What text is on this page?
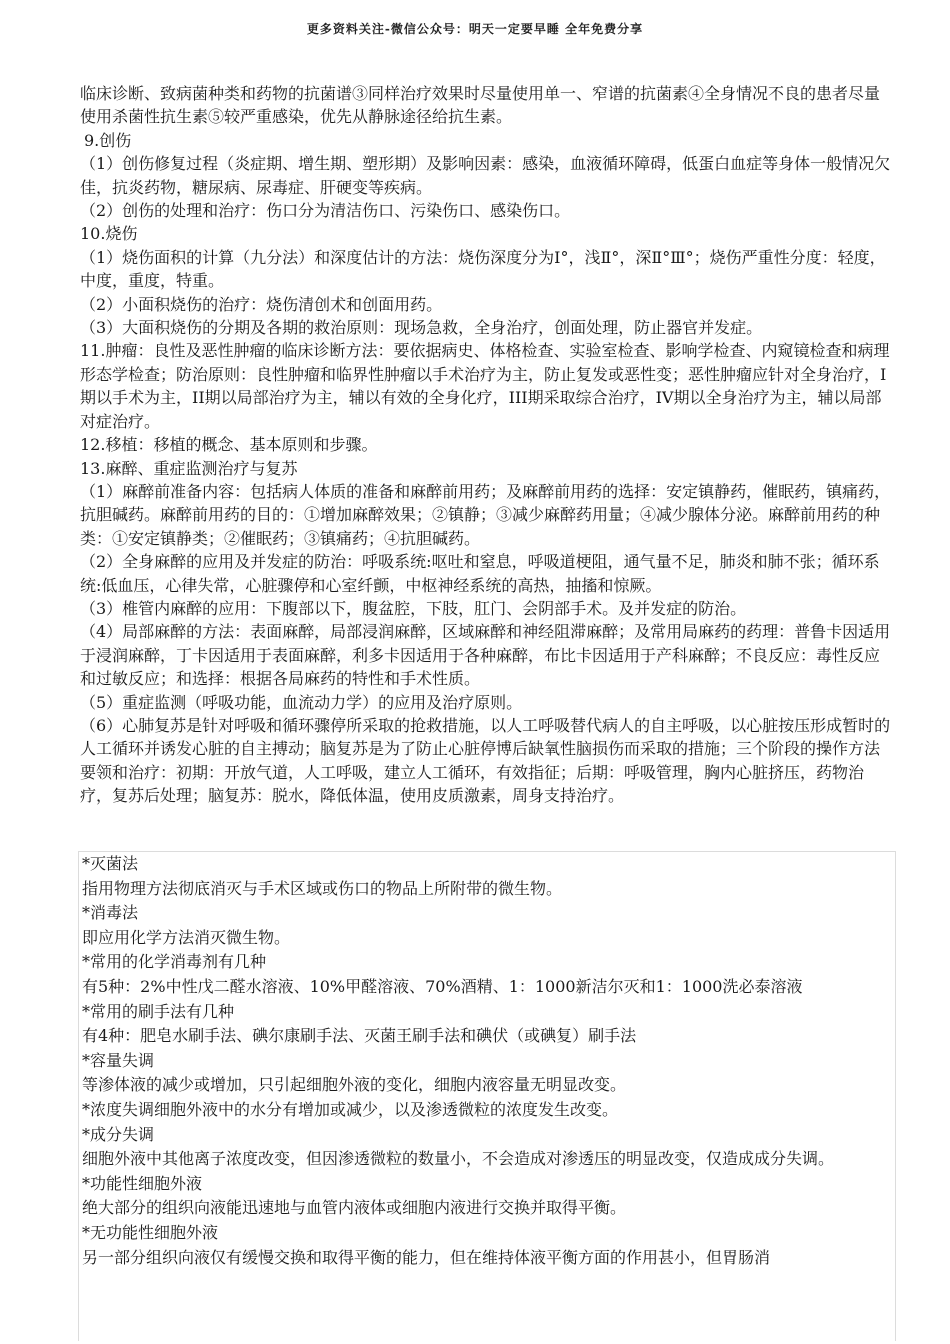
更多资料关注-微信公众号：明天一定要早睡 全年免费分享

临床诊断、致病菌种类和药物的抗菌谱③同样治疗效果时尽量使用单一、窄谱的抗菌素④全身情况不良的患者尽量使用杀菌性抗生素⑤较严重感染，优先从静脉途径给抗生素。

9.创伤

（1）创伤修复过程（炎症期、增生期、塑形期）及影响因素：感染，血液循环障碍，低蛋白血症等身体一般情况欠佳，抗炎药物，糖尿病、尿毒症、肝硬变等疾病。

（2）创伤的处理和治疗：伤口分为清洁伤口、污染伤口、感染伤口。

10.烧伤

（1）烧伤面积的计算（九分法）和深度估计的方法：烧伤深度分为Ⅰ°，浅Ⅱ°，深Ⅱ°Ⅲ°；烧伤严重性分度：轻度，中度，重度，特重。

（2）小面积烧伤的治疗：烧伤清创术和创面用药。

（3）大面积烧伤的分期及各期的救治原则：现场急救，全身治疗，创面处理，防止器官并发症。

11.肿瘤：良性及恶性肿瘤的临床诊断方法：要依据病史、体格检查、实验室检查、影响学检查、内窥镜检查和病理形态学检查；防治原则：良性肿瘤和临界性肿瘤以手术治疗为主，防止复发或恶性变；恶性肿瘤应针对全身治疗，I期以手术为主，II期以局部治疗为主，辅以有效的全身化疗，III期采取综合治疗，IV期以全身治疗为主，辅以局部对症治疗。

12.移植：移植的概念、基本原则和步骤。

13.麻醉、重症监测治疗与复苏

（1）麻醉前准备内容：包括病人体质的准备和麻醉前用药；及麻醉前用药的选择：安定镇静药，催眠药，镇痛药，抗胆碱药。麻醉前用药的目的：①增加麻醉效果；②镇静；③减少麻醉药用量；④减少腺体分泌。麻醉前用药的种类：①安定镇静类；②催眠药；③镇痛药；④抗胆碱药。

（2）全身麻醉的应用及并发症的防治：呼吸系统:呕吐和窒息，呼吸道梗阻，通气量不足，肺炎和肺不张；循环系统:低血压，心律失常，心脏骤停和心室纤颤，中枢神经系统的高热，抽搐和惊厥。

（3）椎管内麻醉的应用：下腹部以下，腹盆腔，下肢，肛门、会阴部手术。及并发症的防治。

（4）局部麻醉的方法：表面麻醉，局部浸润麻醉，区域麻醉和神经阻滞麻醉；及常用局麻药的药理：普鲁卡因适用于浸润麻醉，丁卡因适用于表面麻醉，利多卡因适用于各种麻醉，布比卡因适用于产科麻醉；不良反应：毒性反应和过敏反应；和选择：根据各局麻药的特性和手术性质。

（5）重症监测（呼吸功能，血流动力学）的应用及治疗原则。

（6）心肺复苏是针对呼吸和循环骤停所采取的抢救措施，以人工呼吸替代病人的自主呼吸，以心脏按压形成暂时的人工循环并诱发心脏的自主搏动；脑复苏是为了防止心脏停博后缺氧性脑损伤而采取的措施；三个阶段的操作方法要领和治疗：初期：开放气道，人工呼吸，建立人工循环，有效指征；后期：呼吸管理，胸内心脏挤压，药物治疗，复苏后处理；脑复苏：脱水，降低体温，使用皮质激素，周身支持治疗。

*灭菌法

指用物理方法彻底消灭与手术区域或伤口的物品上所附带的微生物。

*消毒法

即应用化学方法消灭微生物。

*常用的化学消毒剂有几种

有5种：2%中性戊二醛水溶液、10%甲醛溶液、70%酒精、1：1000新洁尔灭和1：1000洗必泰溶液

*常用的刷手法有几种

有4种：肥皂水刷手法、碘尔康刷手法、灭菌王刷手法和碘伏（或碘复）刷手法

*容量失调

等渗体液的减少或增加，只引起细胞外液的变化，细胞内液容量无明显改变。

*浓度失调细胞外液中的水分有增加或减少，以及渗透微粒的浓度发生改变。

*成分失调

细胞外液中其他离子浓度改变，但因渗透微粒的数量小，不会造成对渗透压的明显改变，仅造成成分失调。

*功能性细胞外液

绝大部分的组织向液能迅速地与血管内液体或细胞内液进行交换并取得平衡。

*无功能性细胞外液

另一部分组织向液仅有缓慢交换和取得平衡的能力，但在维持体液平衡方面的作用甚小，但胃肠消
